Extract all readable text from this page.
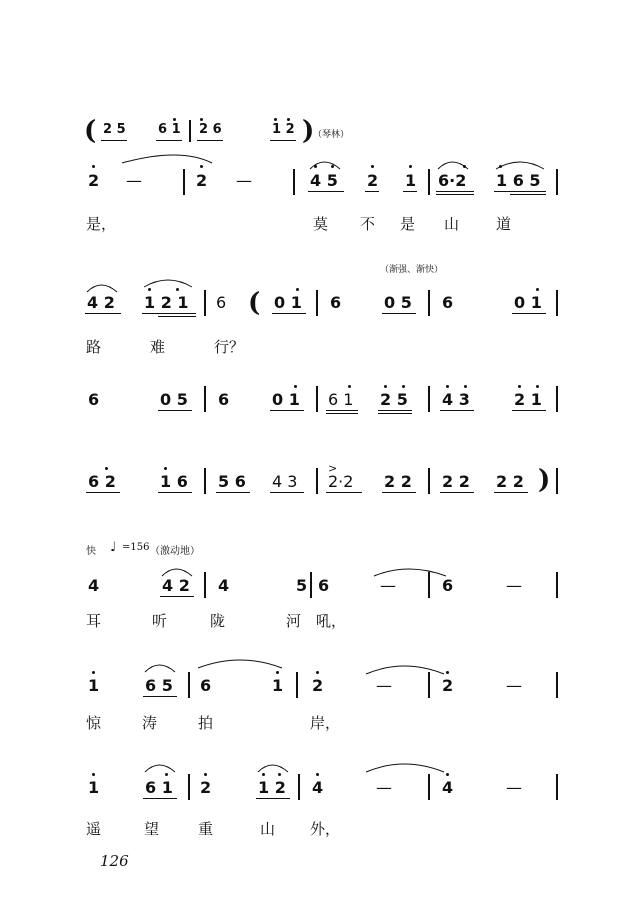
( 2 5 6 1 2 6	1 2 )
（琴林）
2 —	2 —	4 5 2 1 6·2 1 6 5
是，	莫 不 是 山 道
（渐强、渐快）
4 2 1 2 1 6 ( 0 1 6	0 5 6	0 1
路	难	行？
6	0 5 6	0 1 6 1 2 5 4 3	2 1
6 2	1 6 5 6 4 3
>
2·2 2 2 2 2 2 2 )
快 ♩ =156 （激动地）
4	4 2 4	5 6	—	6	—
耳	听	陇	河 吼，
1	6 5 6	1 2	—	2	—
惊	涛	拍	岸，
1	6 1 2	1 2 4	—	4	—
遥	望	重	山 外，
126
